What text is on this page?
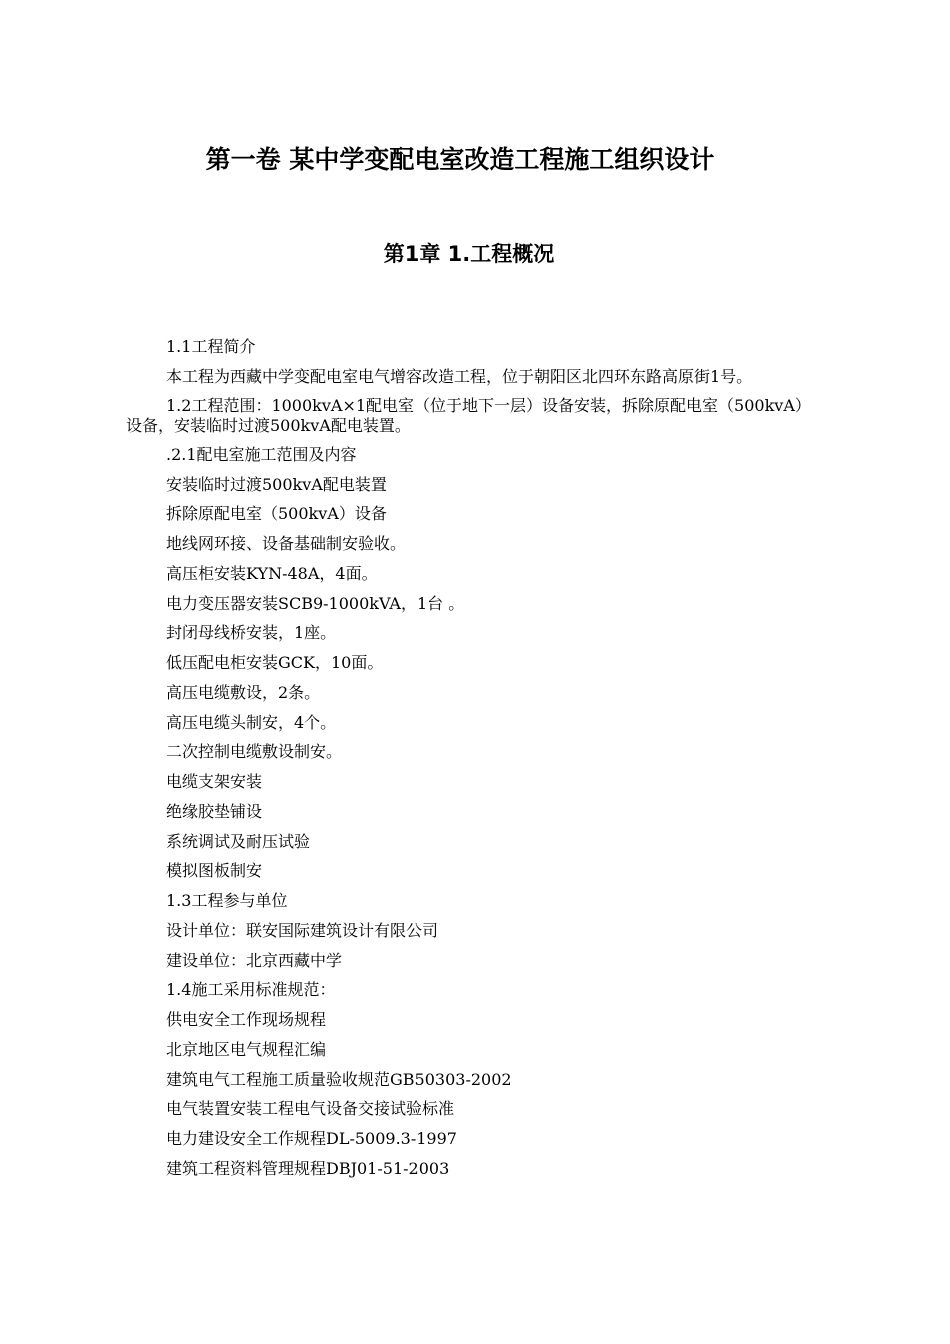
第一卷 某中学变配电室改造工程施工组织设计
第1章 1.工程概况

1.1工程简介

本工程为西藏中学变配电室电气增容改造工程，位于朝阳区北四环东路高原街1号。

1.2工程范围：1000kvA×1配电室（位于地下一层）设备安装，拆除原配电室（500kvA）设备，安装临时过渡500kvA配电装置。

.2.1配电室施工范围及内容

安装临时过渡500kvA配电装置

拆除原配电室（500kvA）设备

地线网环接、设备基础制安验收。

高压柜安装KYN-48A，4面。

电力变压器安装SCB9-1000kVA，1台 。

封闭母线桥安装，1座。

低压配电柜安装GCK，10面。

高压电缆敷设，2条。

高压电缆头制安，4个。

二次控制电缆敷设制安。

电缆支架安装

绝缘胶垫铺设

系统调试及耐压试验

模拟图板制安

1.3工程参与单位

设计单位：联安国际建筑设计有限公司

建设单位：北京西藏中学

1.4施工采用标准规范：

供电安全工作现场规程

北京地区电气规程汇编

建筑电气工程施工质量验收规范GB50303-2002

电气装置安装工程电气设备交接试验标准

电力建设安全工作规程DL-5009.3-1997

建筑工程资料管理规程DBJ01-51-2003
